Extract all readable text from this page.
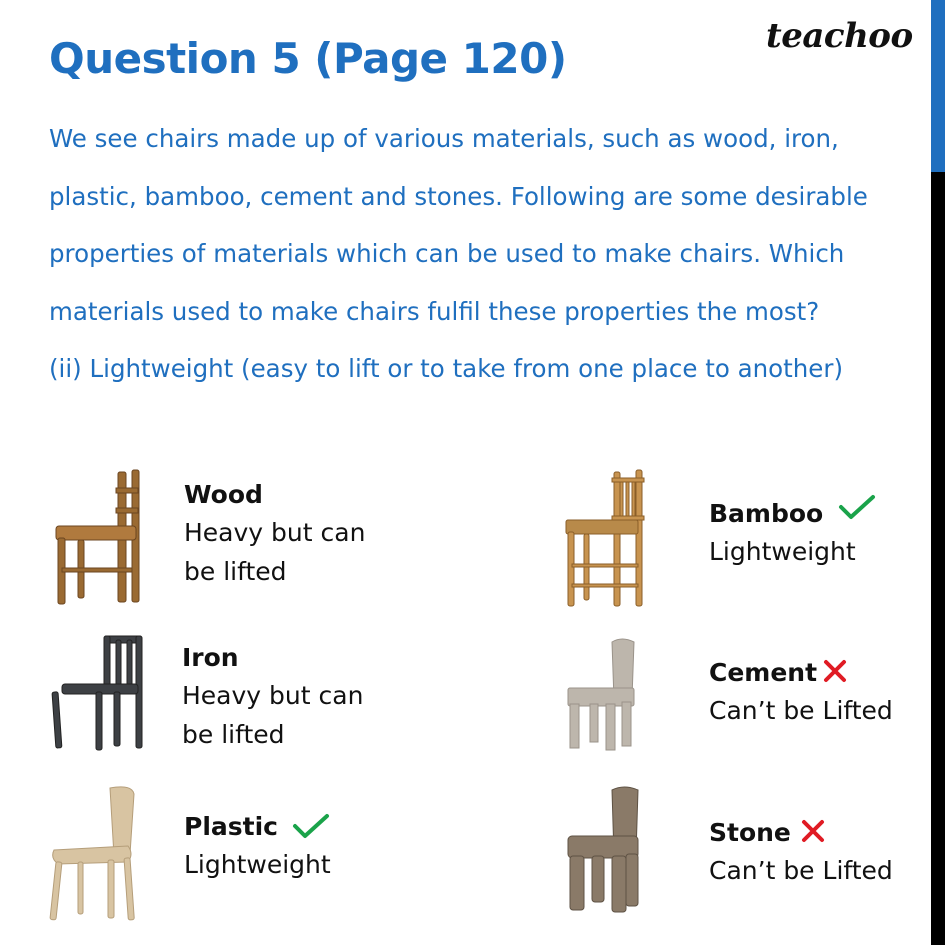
Question 5 (Page 120)	teachoo
We see chairs made up of various materials, such as wood, iron,
plastic, bamboo, cement and stones. Following are some desirable
properties of materials which can be used to make chairs. Which
materials used to make chairs fulfil these properties the most?
(ii) Lightweight (easy to lift or to take from one place to another)
Wood
Heavy but can
be lifted
Iron
Heavy but can
be lifted
Plastic
Lightweight
Bamboo
Lightweight
Cement
Can’t be Lifted
Stone
Can’t be Lifted
